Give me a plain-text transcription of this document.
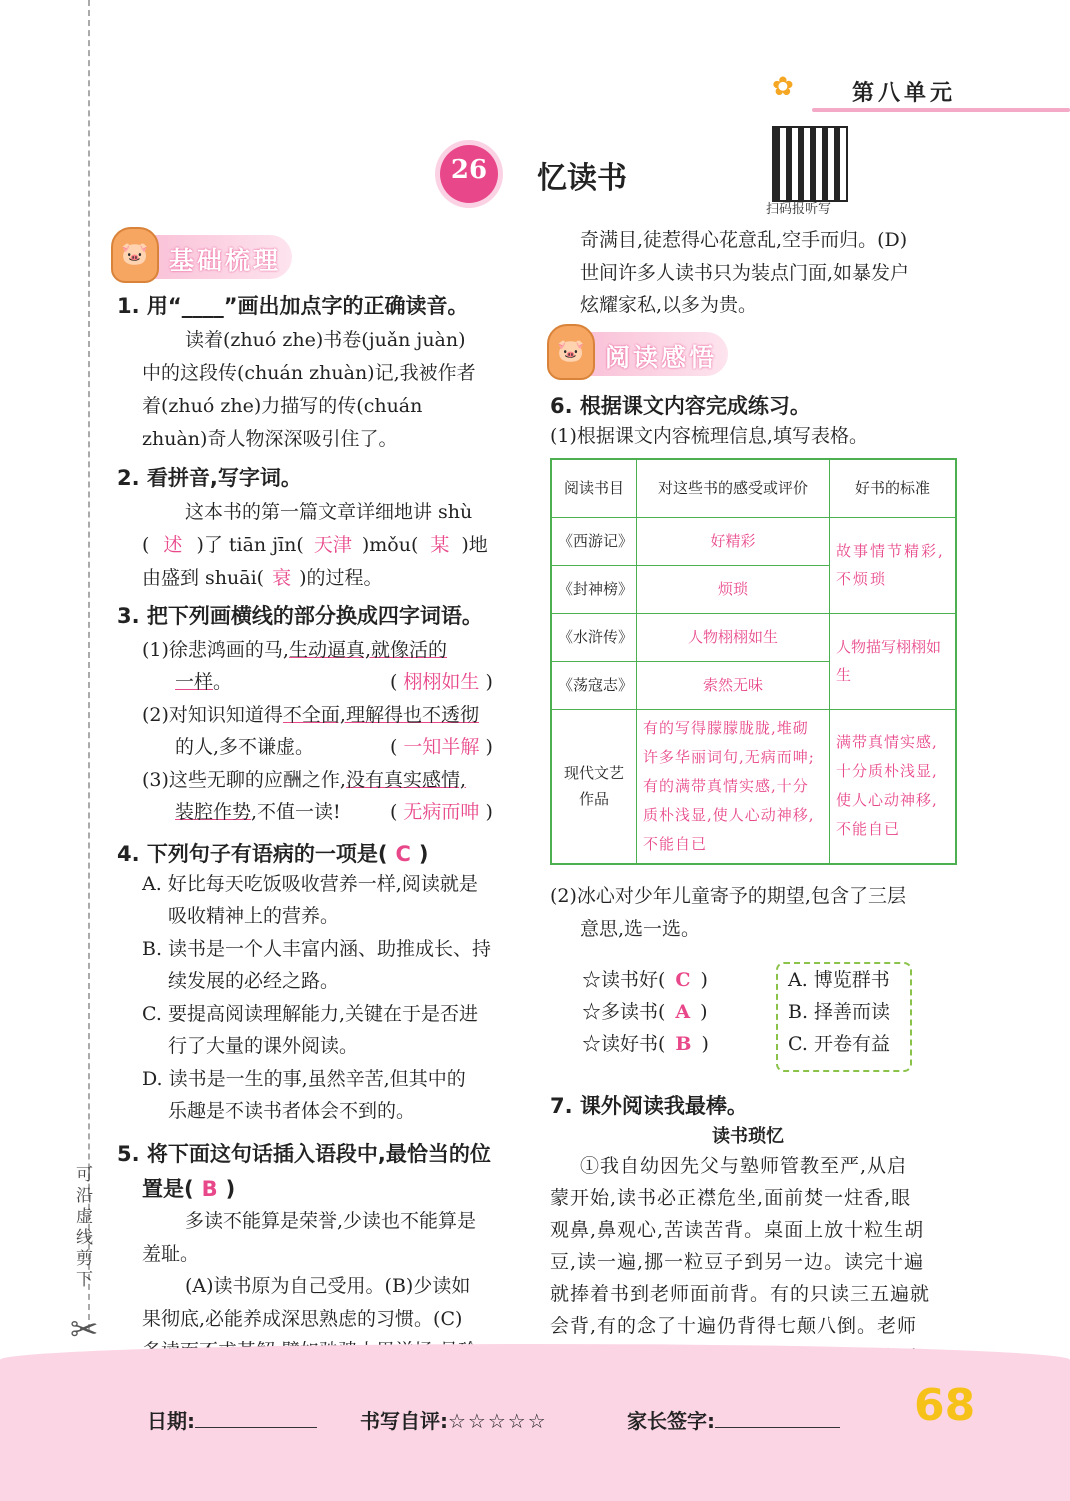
可沿虚线剪下
✂
✿	第八单元
26	忆读书
扫码报听写
🐷 基础梳理
1. 用“____”画出加点字的正确读音。
读着(zhuó zhe)书卷(juǎn juàn)
中的这段传(chuán zhuàn)记,我被作者
着(zhuó zhe)力描写的传(chuán
zhuàn)奇人物深深吸引住了。
2. 看拼音,写字词。
这本书的第一篇文章详细地讲 shù
( 述 )了 tiān jīn( 天津 )mǒu( 某 )地
由盛到 shuāi( 衰 )的过程。
3. 把下列画横线的部分换成四字词语。
(1)徐悲鸿画的马,生动逼真,就像活的
一样。	( 栩栩如生 )
(2)对知识知道得不全面,理解得也不透彻
的人,多不谦虚。	( 一知半解 )
(3)这些无聊的应酬之作,没有真实感情,
装腔作势,不值一读!	( 无病而呻 )
4. 下列句子有语病的一项是( C )
A. 好比每天吃饭吸收营养一样,阅读就是
吸收精神上的营养。
B. 读书是一个人丰富内涵、助推成长、持
续发展的必经之路。
C. 要提高阅读理解能力,关键在于是否进
行了大量的课外阅读。
D. 读书是一生的事,虽然辛苦,但其中的
乐趣是不读书者体会不到的。
5. 将下面这句话插入语段中,最恰当的位
置是( B )
多读不能算是荣誉,少读也不能算是
羞耻。
(A)读书原为自己受用。(B)少读如
果彻底,必能养成深思熟虑的习惯。(C)
奇满目,徒惹得心花意乱,空手而归。(D)
世间许多人读书只为装点门面,如暴发户
炫耀家私,以多为贵。
🐷 阅读感悟
6. 根据课文内容完成练习。
(1)根据课文内容梳理信息,填写表格。
阅读书目	对这些书的感受或评价	好书的标准
《西游记》	好精彩	故事情节精彩,不烦琐
《封神榜》	烦琐	
《水浒传》	人物栩栩如生	人物描写栩栩如生
《荡寇志》	索然无味	
现代文艺作品	有的写得朦朦胧胧,堆砌许多华丽词句,无病而呻;有的满带真情实感,十分质朴浅显,使人心动神移,不能自已	满带真情实感,十分质朴浅显,使人心动神移,不能自已
(2)冰心对少年儿童寄予的期望,包含了三层
意思,选一选。
☆读书好( C )
☆多读书( A )
☆读好书( B )
A. 博览群书
B. 择善而读
C. 开卷有益
7. 课外阅读我最棒。
读书琐忆
①我自幼因先父与塾师管教至严,从启
蒙开始,读书必正襟危坐,面前焚一炷香,眼
观鼻,鼻观心,苦读苦背。桌面上放十粒生胡
豆,读一遍,挪一粒豆子到另一边。读完十遍
就捧着书到老师面前背。有的只读三五遍就
会背,有的念了十遍仍背得七颠八倒。老师
日期:	书写自评:☆☆☆☆☆	家长签字:	68
